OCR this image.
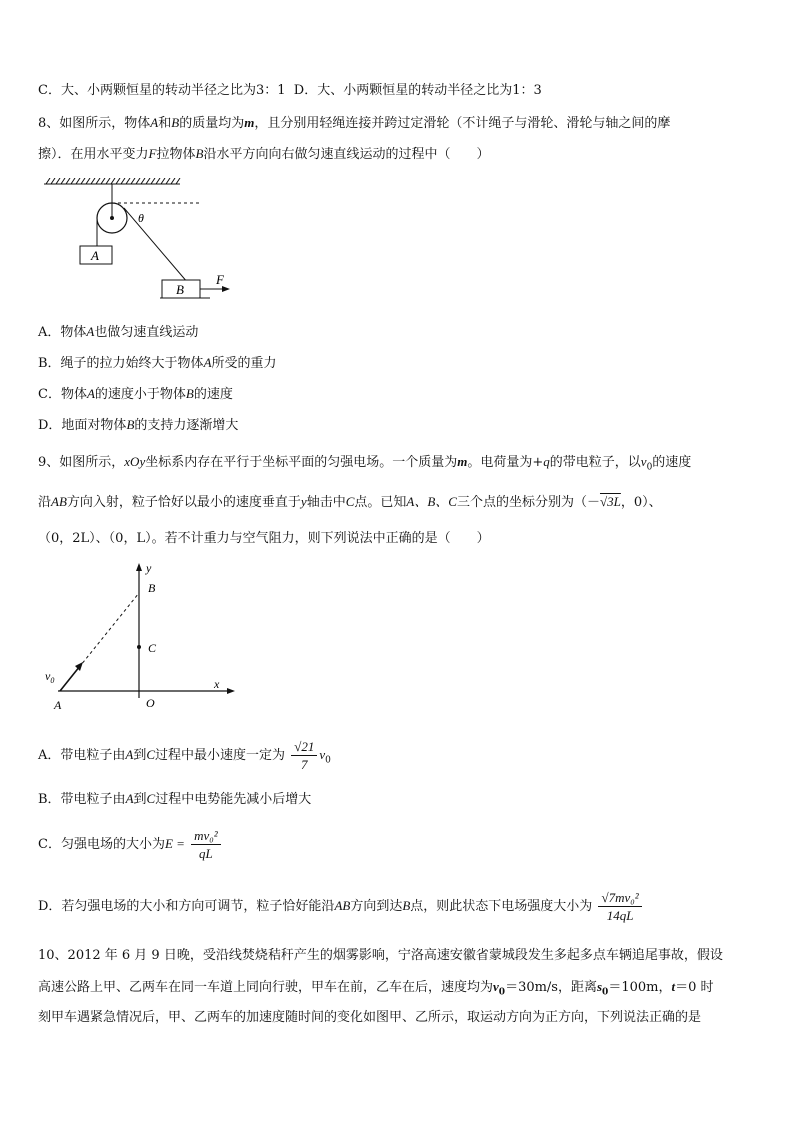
C．大、小两颗恒星的转动半径之比为3：1 D．大、小两颗恒星的转动半径之比为1：3
8、如图所示，物体A和B的质量均为m，且分别用轻绳连接并跨过定滑轮（不计绳子与滑轮、滑轮与轴之间的摩
擦）．在用水平变力F拉物体B沿水平方向向右做匀速直线运动的过程中（　　）
A
B
F
θ
A．物体A也做匀速直线运动
B．绳子的拉力始终大于物体A所受的重力
C．物体A的速度小于物体B的速度
D．地面对物体B的支持力逐渐增大
9、如图所示，xOy坐标系内存在平行于坐标平面的匀强电场。一个质量为m。电荷量为+q的带电粒子，以$v_0$的速度
沿AB方向入射，粒子恰好以最小的速度垂直于y轴击中C点。已知A、B、C三个点的坐标分别为（－√3L，0）、
（0，2L）、（0，L）。若不计重力与空气阻力，则下列说法中正确的是（　　）
y
x
$v_0$
B
C
O
A
A．带电粒子由A到C过程中最小速度一定为 $\frac{√21}{7} v_0$
B．带电粒子由A到C过程中电势能先减小后增大
C．匀强电场的大小为$E = \frac{\text{mv₀²}}{qL}$
D．若匀强电场的大小和方向可调节，粒子恰好能沿AB方向到达B点，则此状态下电场强度大小为 $\frac{\text{√7mv₀²}}{14qL}$
10、2012 年 6 月 9 日晚，受沿线焚烧秸秆产生的烟雾影响，宁洛高速安徽省蒙城段发生多起多点车辆追尾事故，假设
高速公路上甲、乙两车在同一车道上同向行驶，甲车在前，乙车在后，速度均为$v_0=30m/s$，距离$s_0=100m$，t＝0 时
刻甲车遇紧急情况后，甲、乙两车的加速度随时间的变化如图甲、乙所示，取运动方向为正方向，下列说法正确的是
